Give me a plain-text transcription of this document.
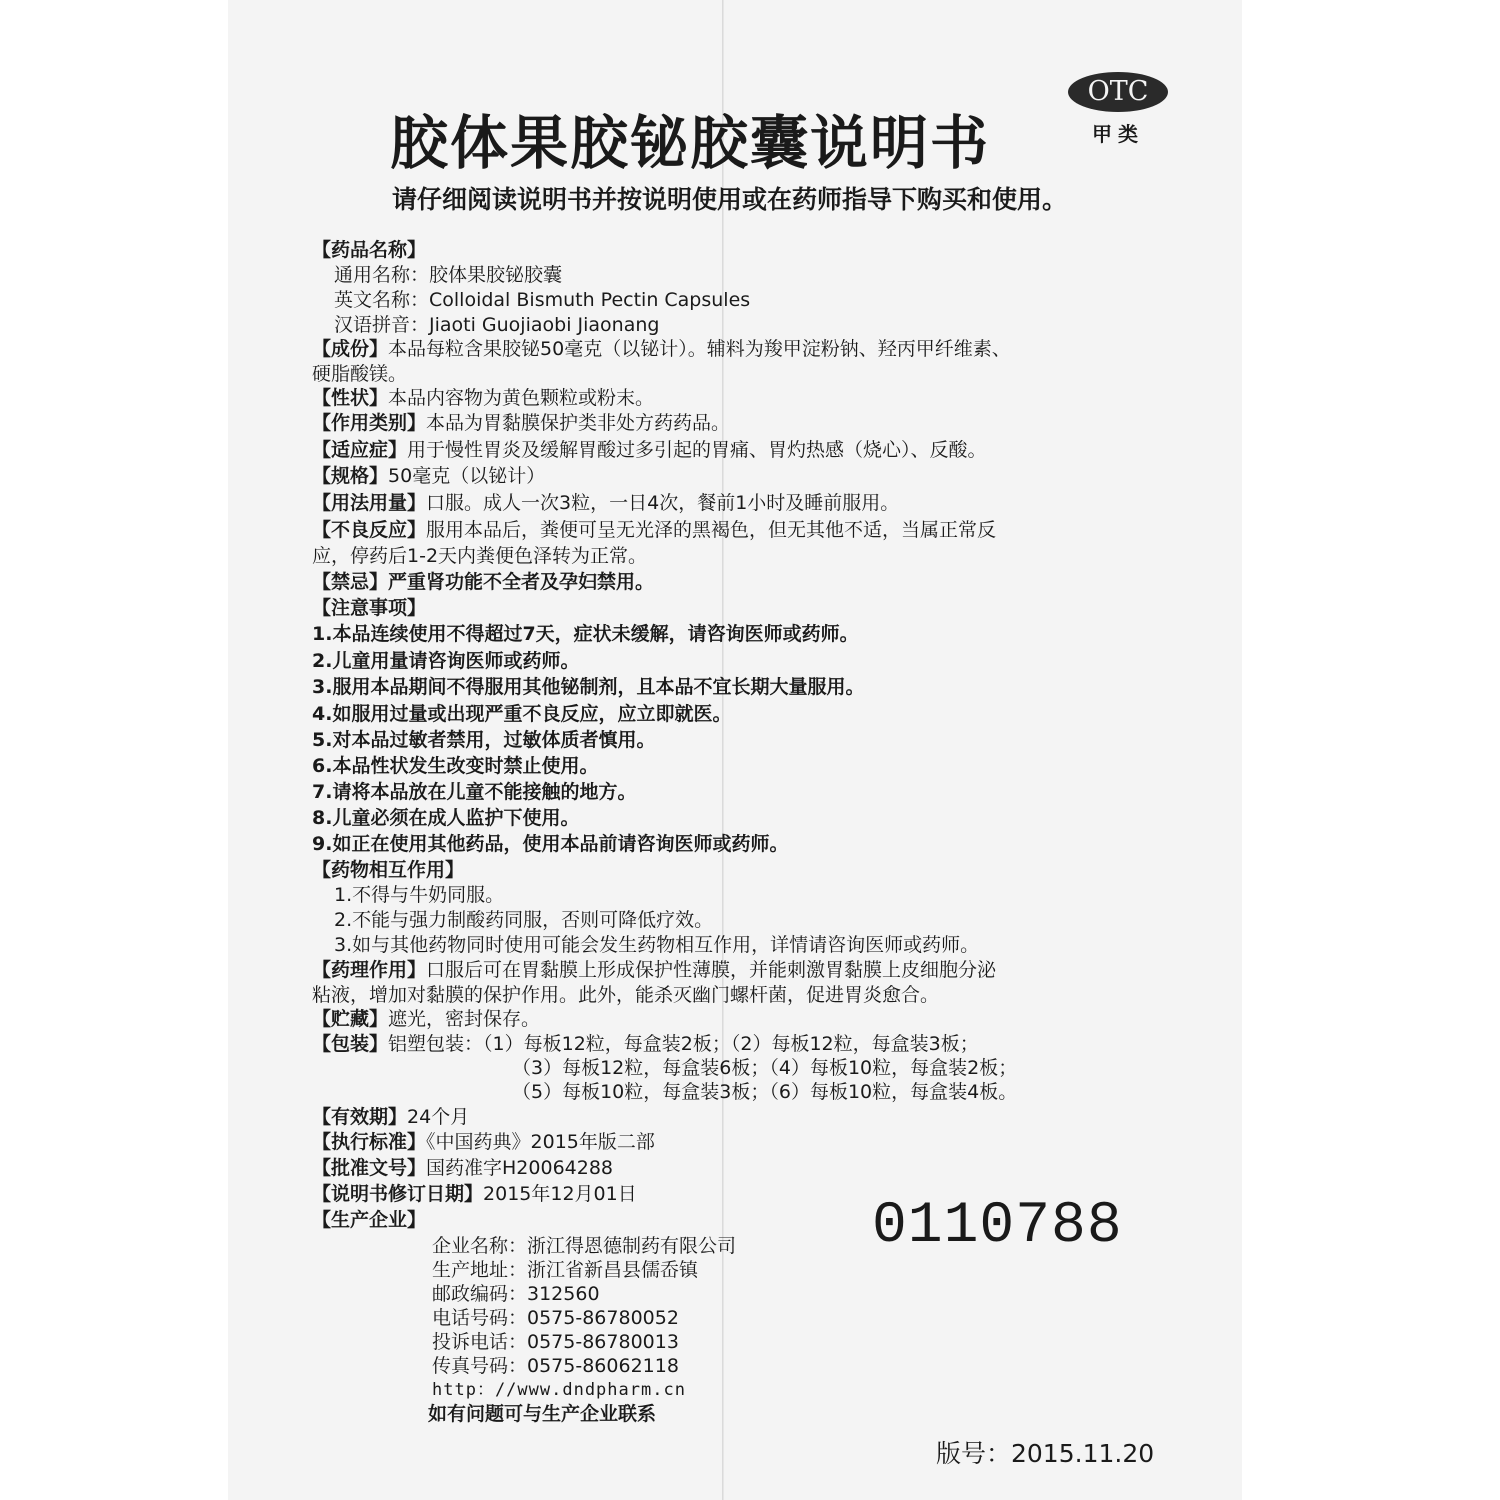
OTC
甲类
胶体果胶铋胶囊说明书
请仔细阅读说明书并按说明使用或在药师指导下购买和使用。
【药品名称】
通用名称：胶体果胶铋胶囊
英文名称：Colloidal Bismuth Pectin Capsules
汉语拼音：Jiaoti Guojiaobi Jiaonang
【成份】本品每粒含果胶铋50毫克（以铋计）。辅料为羧甲淀粉钠、羟丙甲纤维素、
硬脂酸镁。
【性状】本品内容物为黄色颗粒或粉末。
【作用类别】本品为胃黏膜保护类非处方药药品。
【适应症】用于慢性胃炎及缓解胃酸过多引起的胃痛、胃灼热感（烧心）、反酸。
【规格】50毫克（以铋计）
【用法用量】口服。成人一次3粒，一日4次，餐前1小时及睡前服用。
【不良反应】服用本品后，粪便可呈无光泽的黑褐色，但无其他不适，当属正常反
应，停药后1-2天内粪便色泽转为正常。
【禁忌】严重肾功能不全者及孕妇禁用。
【注意事项】
1.本品连续使用不得超过7天，症状未缓解，请咨询医师或药师。
2.儿童用量请咨询医师或药师。
3.服用本品期间不得服用其他铋制剂，且本品不宜长期大量服用。
4.如服用过量或出现严重不良反应，应立即就医。
5.对本品过敏者禁用，过敏体质者慎用。
6.本品性状发生改变时禁止使用。
7.请将本品放在儿童不能接触的地方。
8.儿童必须在成人监护下使用。
9.如正在使用其他药品，使用本品前请咨询医师或药师。
【药物相互作用】
1.不得与牛奶同服。
2.不能与强力制酸药同服，否则可降低疗效。
3.如与其他药物同时使用可能会发生药物相互作用，详情请咨询医师或药师。
【药理作用】口服后可在胃黏膜上形成保护性薄膜，并能刺激胃黏膜上皮细胞分泌
粘液，增加对黏膜的保护作用。此外，能杀灭幽门螺杆菌，促进胃炎愈合。
【贮藏】遮光，密封保存。
【包装】铝塑包装：（1）每板12粒，每盒装2板；（2）每板12粒，每盒装3板；
（3）每板12粒，每盒装6板；（4）每板10粒，每盒装2板；
（5）每板10粒，每盒装3板；（6）每板10粒，每盒装4板。
【有效期】24个月
【执行标准】《中国药典》2015年版二部
【批准文号】国药准字H20064288
【说明书修订日期】2015年12月01日
【生产企业】
企业名称：浙江得恩德制药有限公司
生产地址：浙江省新昌县儒岙镇
邮政编码：312560
电话号码：0575-86780052
投诉电话：0575-86780013
传真号码：0575-86062118
http：//www.dndpharm.cn
如有问题可与生产企业联系
0110788
版号：2015.11.20
